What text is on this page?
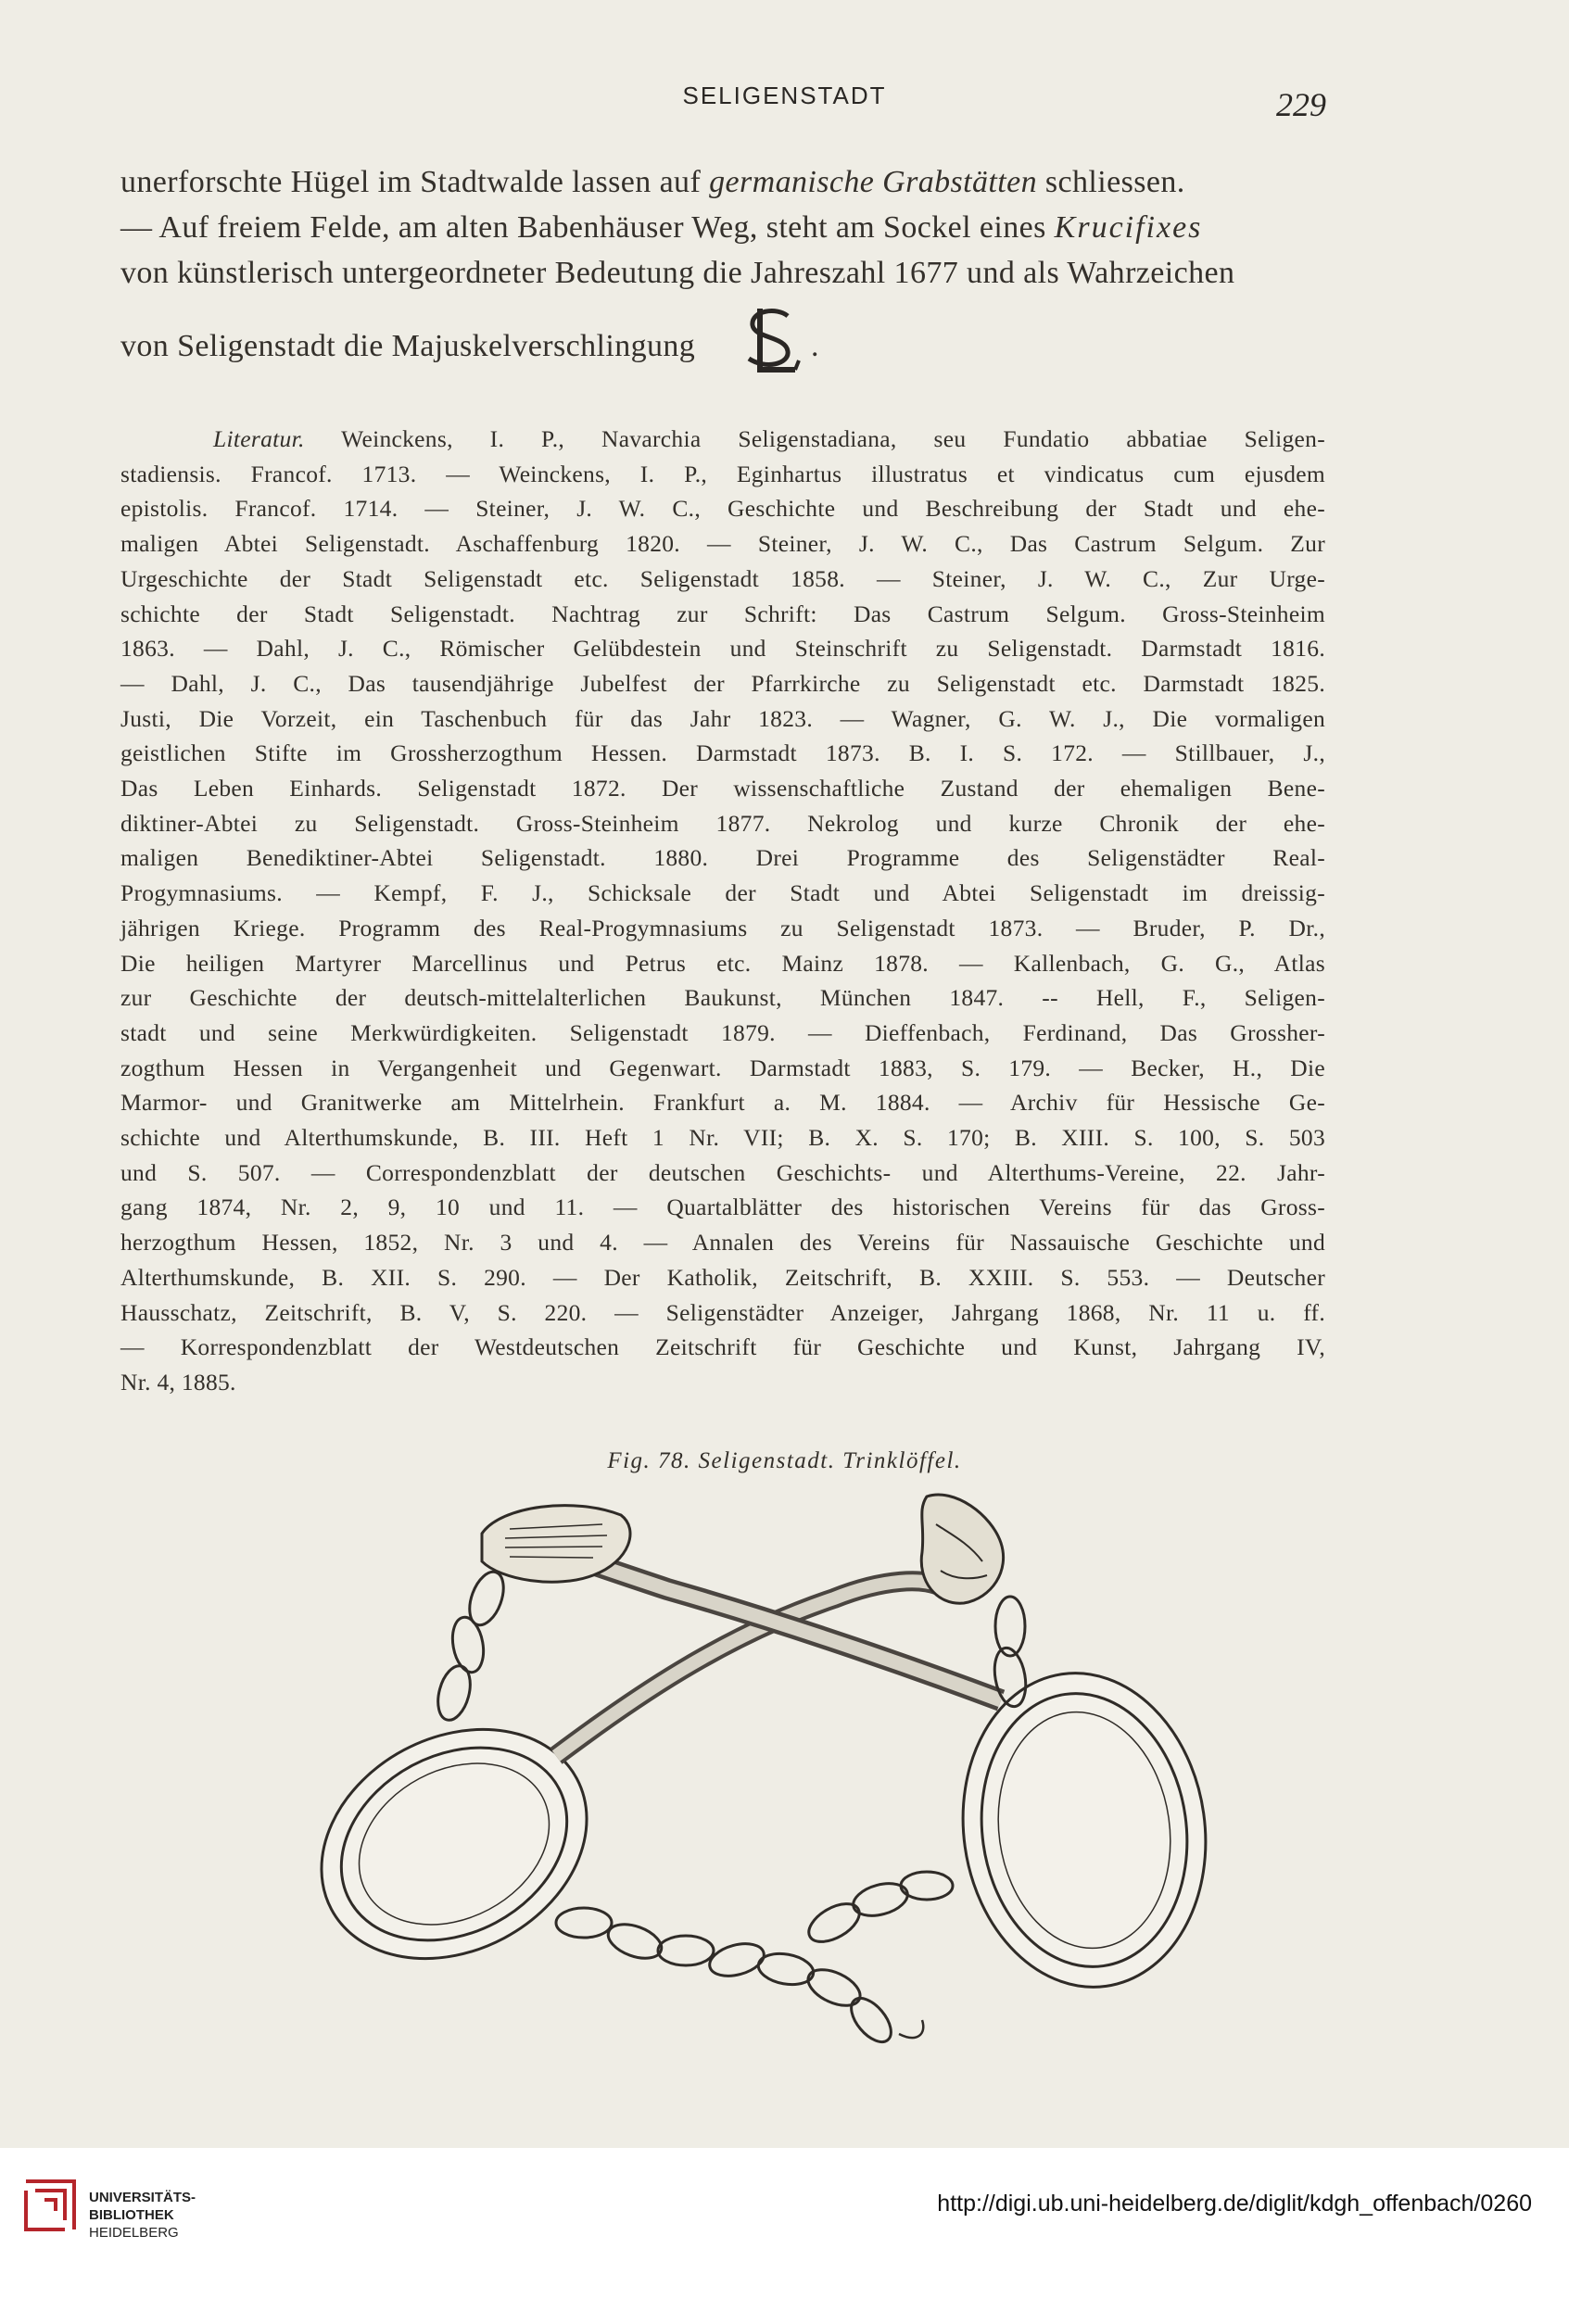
SELIGENSTADT	229
unerforschte Hügel im Stadtwalde lassen auf germanische Grabstätten schliessen.
— Auf freiem Felde, am alten Babenhäuser Weg, steht am Sockel eines Krucifixes
von künstlerisch untergeordneter Bedeutung die Jahreszahl 1677 und als Wahrzeichen
von Seligenstadt die Majuskelverschlingung	.
Literatur. Weinckens, I. P., Navarchia Seligenstadiana, seu Fundatio abbatiae Seligen-
stadiensis. Francof. 1713. — Weinckens, I. P., Eginhartus illustratus et vindicatus cum ejusdem
epistolis. Francof. 1714. — Steiner, J. W. C., Geschichte und Beschreibung der Stadt und ehe-
maligen Abtei Seligenstadt. Aschaffenburg 1820. — Steiner, J. W. C., Das Castrum Selgum. Zur
Urgeschichte der Stadt Seligenstadt etc. Seligenstadt 1858. — Steiner, J. W. C., Zur Urge-
schichte der Stadt Seligenstadt. Nachtrag zur Schrift: Das Castrum Selgum. Gross-Steinheim
1863. — Dahl, J. C., Römischer Gelübdestein und Steinschrift zu Seligenstadt. Darmstadt 1816.
— Dahl, J. C., Das tausendjährige Jubelfest der Pfarrkirche zu Seligenstadt etc. Darmstadt 1825.
Justi, Die Vorzeit, ein Taschenbuch für das Jahr 1823. — Wagner, G. W. J., Die vormaligen
geistlichen Stifte im Grossherzogthum Hessen. Darmstadt 1873. B. I. S. 172. — Stillbauer, J.,
Das Leben Einhards. Seligenstadt 1872. Der wissenschaftliche Zustand der ehemaligen Bene-
diktiner-Abtei zu Seligenstadt. Gross-Steinheim 1877. Nekrolog und kurze Chronik der ehe-
maligen Benediktiner-Abtei Seligenstadt. 1880. Drei Programme des Seligenstädter Real-
Progymnasiums. — Kempf, F. J., Schicksale der Stadt und Abtei Seligenstadt im dreissig-
jährigen Kriege. Programm des Real-Progymnasiums zu Seligenstadt 1873. — Bruder, P. Dr.,
Die heiligen Martyrer Marcellinus und Petrus etc. Mainz 1878. — Kallenbach, G. G., Atlas
zur Geschichte der deutsch-mittelalterlichen Baukunst, München 1847. -- Hell, F., Seligen-
stadt und seine Merkwürdigkeiten. Seligenstadt 1879. — Dieffenbach, Ferdinand, Das Grossher-
zogthum Hessen in Vergangenheit und Gegenwart. Darmstadt 1883, S. 179. — Becker, H., Die
Marmor- und Granitwerke am Mittelrhein. Frankfurt a. M. 1884. — Archiv für Hessische Ge-
schichte und Alterthumskunde, B. III. Heft 1 Nr. VII; B. X. S. 170; B. XIII. S. 100, S. 503
und S. 507. — Correspondenzblatt der deutschen Geschichts- und Alterthums-Vereine, 22. Jahr-
gang 1874, Nr. 2, 9, 10 und 11. — Quartalblätter des historischen Vereins für das Gross-
herzogthum Hessen, 1852, Nr. 3 und 4. — Annalen des Vereins für Nassauische Geschichte und
Alterthumskunde, B. XII. S. 290. — Der Katholik, Zeitschrift, B. XXIII. S. 553. — Deutscher
Hausschatz, Zeitschrift, B. V, S. 220. — Seligenstädter Anzeiger, Jahrgang 1868, Nr. 11 u. ff.
— Korrespondenzblatt der Westdeutschen Zeitschrift für Geschichte und Kunst, Jahrgang IV,
Nr. 4, 1885.
Fig. 78. Seligenstadt. Trinklöffel.
UNIVERSITÄTS-
BIBLIOTHEK
HEIDELBERG
http://digi.ub.uni-heidelberg.de/diglit/kdgh_offenbach/0260
